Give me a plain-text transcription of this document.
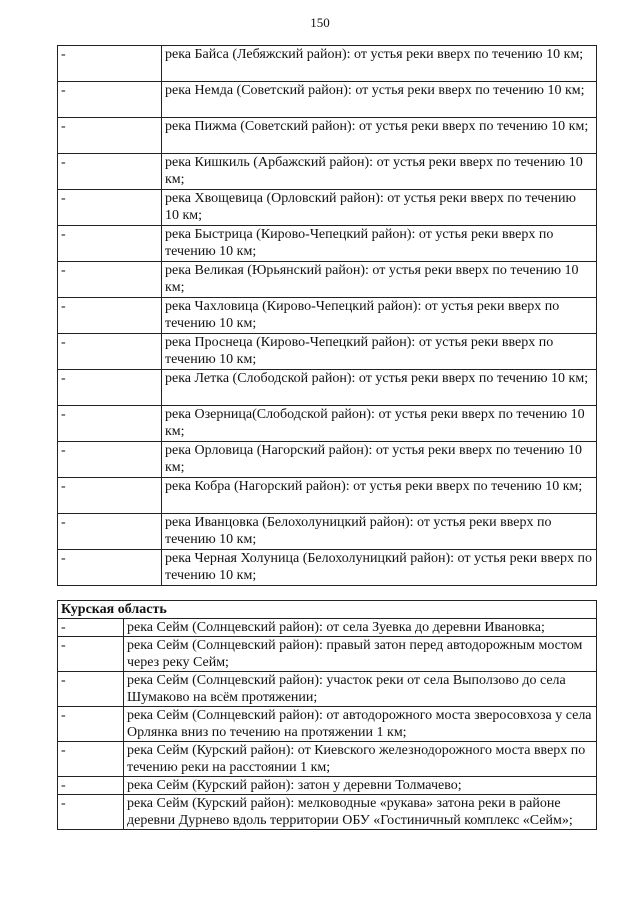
150
-	река Байса (Лебяжский район): от устья реки вверх по течению 10 км;
-	река Немда (Советский район): от устья реки вверх по течению 10 км;
-	река Пижма (Советский район): от устья реки вверх по течению 10 км;
-	река Кишкиль (Арбажский район): от устья реки вверх по течению 10 км;
-	река Хвощевица (Орловский район): от устья реки вверх по течению 10 км;
-	река Быстрица (Кирово-Чепецкий район): от устья реки вверх по течению 10 км;
-	река Великая (Юрьянский район): от устья реки вверх по течению 10 км;
-	река Чахловица (Кирово-Чепецкий район): от устья реки вверх по течению 10 км;
-	река Проснеца (Кирово-Чепецкий район): от устья реки вверх по течению 10 км;
-	река Летка (Слободской район): от устья реки вверх по течению 10 км;
-	река Озерница(Слободской район): от устья реки вверх по течению 10 км;
-	река Орловица (Нагорский район): от устья реки вверх по течению 10 км;
-	река Кобра (Нагорский район): от устья реки вверх по течению 10 км;
-	река Иванцовка (Белохолуницкий район): от устья реки вверх по течению 10 км;
-	река Черная Холуница (Белохолуницкий район): от устья реки вверх по течению 10 км;
Курская область	
-	река Сейм (Солнцевский район): от села Зуевка до деревни Ивановка;
-	река Сейм (Солнцевский район): правый затон перед автодорожным мостом через реку Сейм;
-	река Сейм (Солнцевский район): участок реки от села Выползово до села Шумаково на всём протяжении;
-	река Сейм (Солнцевский район): от автодорожного моста зверосовхоза у села Орлянка вниз по течению на протяжении 1 км;
-	река Сейм (Курский район): от Киевского железнодорожного моста вверх по течению реки на расстоянии 1 км;
-	река Сейм (Курский район): затон у деревни Толмачево;
-	река Сейм (Курский район): мелководные «рукава» затона реки в районе деревни Дурнево вдоль территории ОБУ «Гостиничный комплекс «Сейм»;
